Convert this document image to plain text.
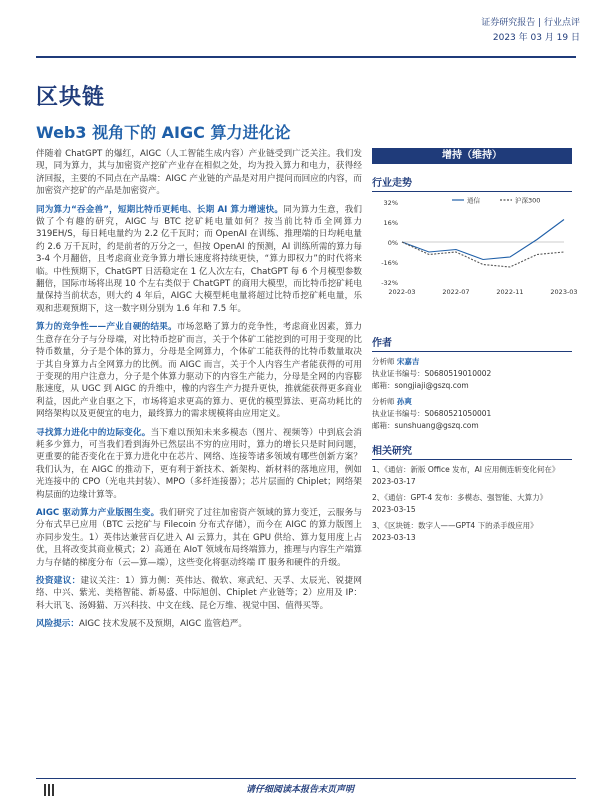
证券研究报告 | 行业点评
2023 年 03 月 19 日
区块链
Web3 视角下的 AIGC 算力进化论

伴随着 ChatGPT 的爆红，AIGC（人工智能生成内容）产业链受到广泛关注。我们发现，同为算力，其与加密资产挖矿产业存在相似之处，均为投入算力和电力，获得经济回报，主要的不同点在产品端：AIGC 产业链的产品是对用户提问而回应的内容，而加密资产挖矿的产品是加密资产。

同为算力“吞金兽”，短期比特币更耗电、长期 AI 算力增速快。同为算力生意，我们做了个有趣的研究，AIGC 与 BTC 挖矿耗电量如何？按当前比特币全网算力 319EH/S，每日耗电量约为 2.2 亿千瓦时；而 OpenAI 在训练、推理端的日均耗电量约 2.6 万千瓦时，约是前者的万分之一，但按 OpenAI 的预测，AI 训练所需的算力每 3-4 个月翻倍，且考虑商业竞争算力增长速度将持续更快，“算力即权力”的时代将来临。中性预期下，ChatGPT 日活稳定在 1 亿人次左右，ChatGPT 每 6 个月模型参数翻倍，国际市场将出现 10 个左右类似于 ChatGPT 的商用大模型，而比特币挖矿耗电量保持当前状态，则大约 4 年后，AIGC 大模型耗电量将超过比特币挖矿耗电量，乐观和悲观预期下，这一数字则分别为 1.6 年和 7.5 年。

算力的竞争性——产业自硬的结果。市场忽略了算力的竞争性，考虑商业因素，算力生意存在分子与分母端，对比特币挖矿而言，关于个体矿工能挖到的可用于变现的比特币数量，分子是个体的算力，分母是全网算力，个体矿工能获得的比特币数量取决于其自身算力占全网算力的比例。而 AIGC 而言，关于个人内容生产者能获得的可用于变现的用户注意力，分子是个体算力驱动下的内容生产能力，分母是全网的内容膨胀速度，从 UGC 到 AIGC 的升维中，橡的内容生产力提升更快，推就能获得更多商业利益，因此产业自驱之下，市场将追求更高的算力、更优的模型算法、更高功耗比的网络架构以及更便宜的电力，最终算力的需求规模将由应用定义。

寻找算力进化中的边际变化。当下难以预知未来多模态（图片、视频等）中到底会消耗多少算力，可当我们看到海外已然层出不穷的应用时，算力的增长只是时间问题，更重要的能否变化在于算力进化中在芯片、网络、连接等诸多领域有哪些创新方案？我们认为，在 AIGC 的推动下，更有利于新技术、新架构、新材料的落地应用，例如光连接中的 CPO（光电共封装）、MPO（多纤连接器）；芯片层面的 Chiplet；网络架构层面的边缘计算等。

AIGC 驱动算力产业版图生变。我们研究了过往加密资产领域的算力变迁，云服务与分布式早已应用（BTC 云挖矿与 Filecoin 分布式存储），而今在 AIGC 的算力版图上亦同步发生。1）英伟达兼营百亿进入 AI 云算力，其在 GPU 供给、算力复用度上占优，且将改变其商业模式；2）高通在 AIoT 领域布局终端算力，推理与内容生产端算力与存储的梯度分布（云—算—端），这些变化将驱动终端 IT 服务和硬件的升级。

投资建议：建议关注：1）算力侧：英伟达、微软、寒武纪、天孚、太辰光、锐捷网络、中兴、紫光、美格智能、新易盛、中际旭创、Chiplet 产业链等；2）应用及 IP：科大讯飞、汤姆猫、万兴科技、中文在线、昆仑万维、视觉中国、值得买等。

风险提示：AIGC 技术发展不及预期，AIGC 监管趋严。

增持（维持）
行业走势
32%
16%
0%
-16%
-32%
2022-03	2022-07	2022-11	2023-03
通信	沪深300
作者
分析师 宋嘉吉
执业证书编号：S0680519010002
邮箱：songjiaji@gszq.com
分析师 孙爽
执业证书编号：S0680521050001
邮箱：sunshuang@gszq.com
相关研究
1、《通信：新版 Office 发布，AI 应用侧连斩变化何在》
2023-03-17
2、《通信：GPT-4 发布：多模态、强智能、大算力》
2023-03-15
3、《区块链：数字人——GPT4 下的杀手级应用》
2023-03-13
请仔细阅读本报告末页声明
